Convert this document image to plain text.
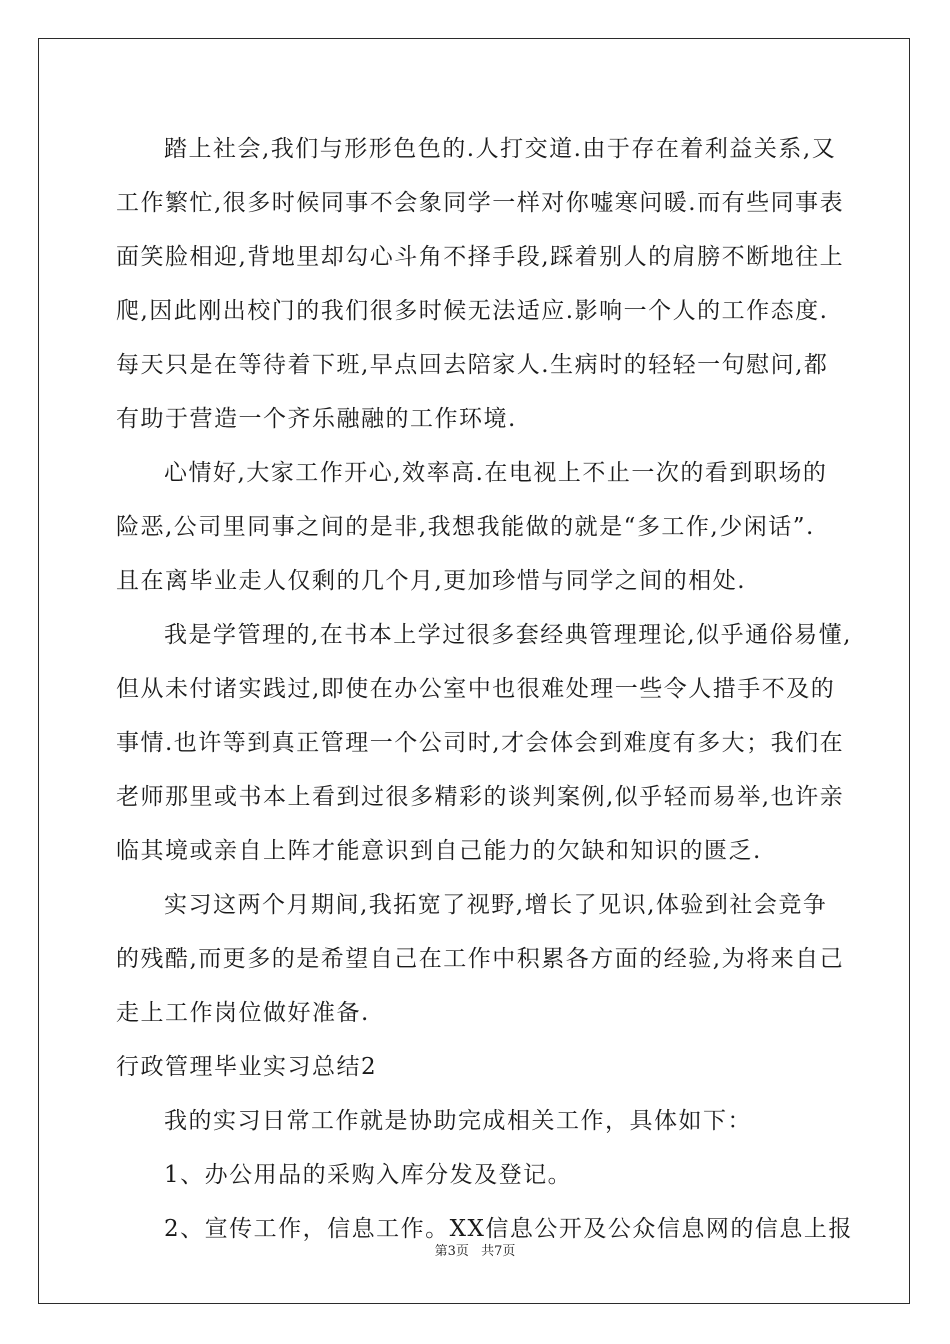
踏上社会,我们与形形色色的.人打交道.由于存在着利益关系,又
工作繁忙,很多时候同事不会象同学一样对你嘘寒问暖.而有些同事表
面笑脸相迎,背地里却勾心斗角不择手段,踩着别人的肩膀不断地往上
爬,因此刚出校门的我们很多时候无法适应.影响一个人的工作态度.
每天只是在等待着下班,早点回去陪家人.生病时的轻轻一句慰问,都
有助于营造一个齐乐融融的工作环境.
心情好,大家工作开心,效率高.在电视上不止一次的看到职场的
险恶,公司里同事之间的是非,我想我能做的就是“多工作,少闲话”.
且在离毕业走人仅剩的几个月,更加珍惜与同学之间的相处.
我是学管理的,在书本上学过很多套经典管理理论,似乎通俗易懂,
但从未付诸实践过,即使在办公室中也很难处理一些令人措手不及的
事情.也许等到真正管理一个公司时,才会体会到难度有多大；我们在
老师那里或书本上看到过很多精彩的谈判案例,似乎轻而易举,也许亲
临其境或亲自上阵才能意识到自己能力的欠缺和知识的匮乏.
实习这两个月期间,我拓宽了视野,增长了见识,体验到社会竞争
的残酷,而更多的是希望自己在工作中积累各方面的经验,为将来自己
走上工作岗位做好准备.
行政管理毕业实习总结2
我的实习日常工作就是协助完成相关工作，具体如下：
1、办公用品的采购入库分发及登记。
2、宣传工作，信息工作。XX信息公开及公众信息网的信息上报
第3页 共7页
